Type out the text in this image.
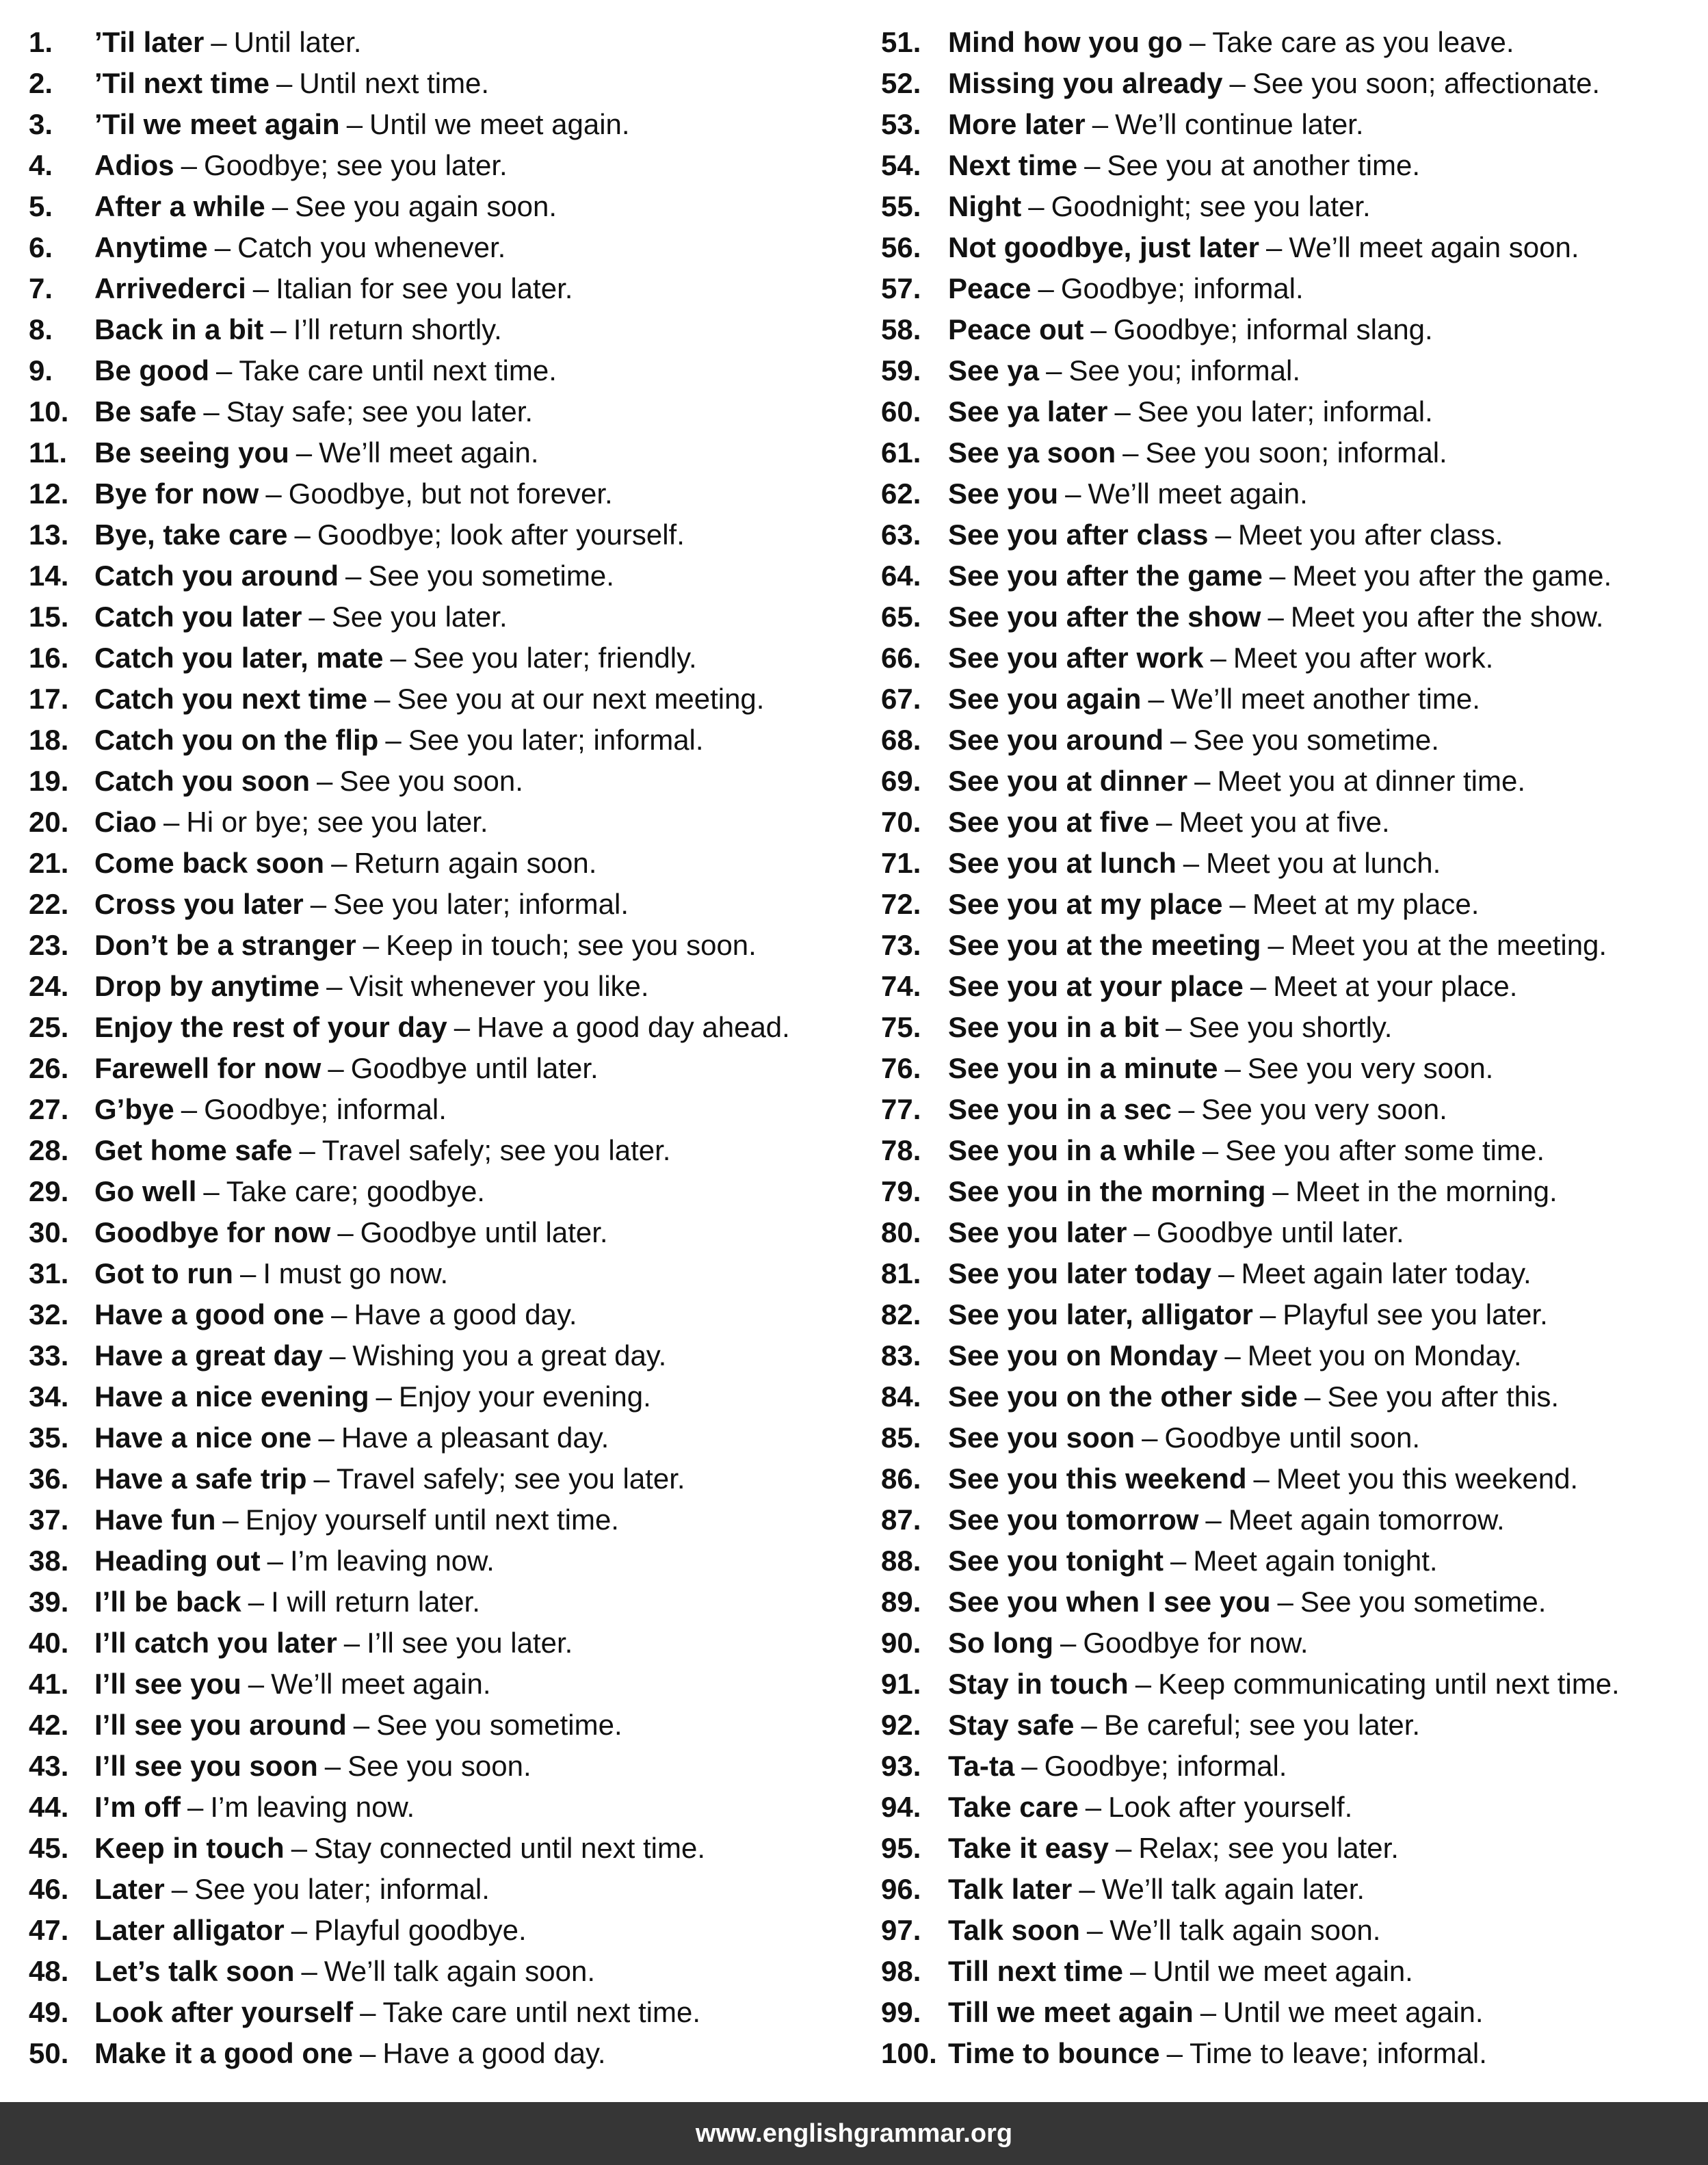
1.	’Til later – Until later.
2.	’Til next time – Until next time.
3.	’Til we meet again – Until we meet again.
4.	Adios – Goodbye; see you later.
5.	After a while – See you again soon.
6.	Anytime – Catch you whenever.
7.	Arrivederci – Italian for see you later.
8.	Back in a bit – I’ll return shortly.
9.	Be good – Take care until next time.
10. Be safe – Stay safe; see you later.
11. Be seeing you – We’ll meet again.
12. Bye for now – Goodbye, but not forever.
13. Bye, take care – Goodbye; look after yourself.
14. Catch you around – See you sometime.
15. Catch you later – See you later.
16. Catch you later, mate – See you later; friendly.
17. Catch you next time – See you at our next meeting.
18. Catch you on the flip – See you later; informal.
19. Catch you soon – See you soon.
20. Ciao – Hi or bye; see you later.
21. Come back soon – Return again soon.
22. Cross you later – See you later; informal.
23. Don’t be a stranger – Keep in touch; see you soon.
24. Drop by anytime – Visit whenever you like.
25. Enjoy the rest of your day – Have a good day ahead.
26. Farewell for now – Goodbye until later.
27. G’bye – Goodbye; informal.
28. Get home safe – Travel safely; see you later.
29. Go well – Take care; goodbye.
30. Goodbye for now – Goodbye until later.
31. Got to run – I must go now.
32. Have a good one – Have a good day.
33. Have a great day – Wishing you a great day.
34. Have a nice evening – Enjoy your evening.
35. Have a nice one – Have a pleasant day.
36. Have a safe trip – Travel safely; see you later.
37. Have fun – Enjoy yourself until next time.
38. Heading out – I’m leaving now.
39. I’ll be back – I will return later.
40. I’ll catch you later – I’ll see you later.
41. I’ll see you – We’ll meet again.
42. I’ll see you around – See you sometime.
43. I’ll see you soon – See you soon.
44. I’m off – I’m leaving now.
45. Keep in touch – Stay connected until next time.
46. Later – See you later; informal.
47. Later alligator – Playful goodbye.
48. Let’s talk soon – We’ll talk again soon.
49. Look after yourself – Take care until next time.
50. Make it a good one – Have a good day.
51. Mind how you go – Take care as you leave.
52. Missing you already – See you soon; affectionate.
53. More later – We’ll continue later.
54. Next time – See you at another time.
55. Night – Goodnight; see you later.
56. Not goodbye, just later – We’ll meet again soon.
57. Peace – Goodbye; informal.
58. Peace out – Goodbye; informal slang.
59. See ya – See you; informal.
60. See ya later – See you later; informal.
61. See ya soon – See you soon; informal.
62. See you – We’ll meet again.
63. See you after class – Meet you after class.
64. See you after the game – Meet you after the game.
65. See you after the show – Meet you after the show.
66. See you after work – Meet you after work.
67. See you again – We’ll meet another time.
68. See you around – See you sometime.
69. See you at dinner – Meet you at dinner time.
70. See you at five – Meet you at five.
71. See you at lunch – Meet you at lunch.
72. See you at my place – Meet at my place.
73. See you at the meeting – Meet you at the meeting.
74. See you at your place – Meet at your place.
75. See you in a bit – See you shortly.
76. See you in a minute – See you very soon.
77. See you in a sec – See you very soon.
78. See you in a while – See you after some time.
79. See you in the morning – Meet in the morning.
80. See you later – Goodbye until later.
81. See you later today – Meet again later today.
82. See you later, alligator – Playful see you later.
83. See you on Monday – Meet you on Monday.
84. See you on the other side – See you after this.
85. See you soon – Goodbye until soon.
86. See you this weekend – Meet you this weekend.
87. See you tomorrow – Meet again tomorrow.
88. See you tonight – Meet again tonight.
89. See you when I see you – See you sometime.
90. So long – Goodbye for now.
91. Stay in touch – Keep communicating until next time.
92. Stay safe – Be careful; see you later.
93. Ta-ta – Goodbye; informal.
94. Take care – Look after yourself.
95. Take it easy – Relax; see you later.
96. Talk later – We’ll talk again later.
97. Talk soon – We’ll talk again soon.
98. Till next time – Until we meet again.
99. Till we meet again – Until we meet again.
100. Time to bounce – Time to leave; informal.
www.englishgrammar.org
